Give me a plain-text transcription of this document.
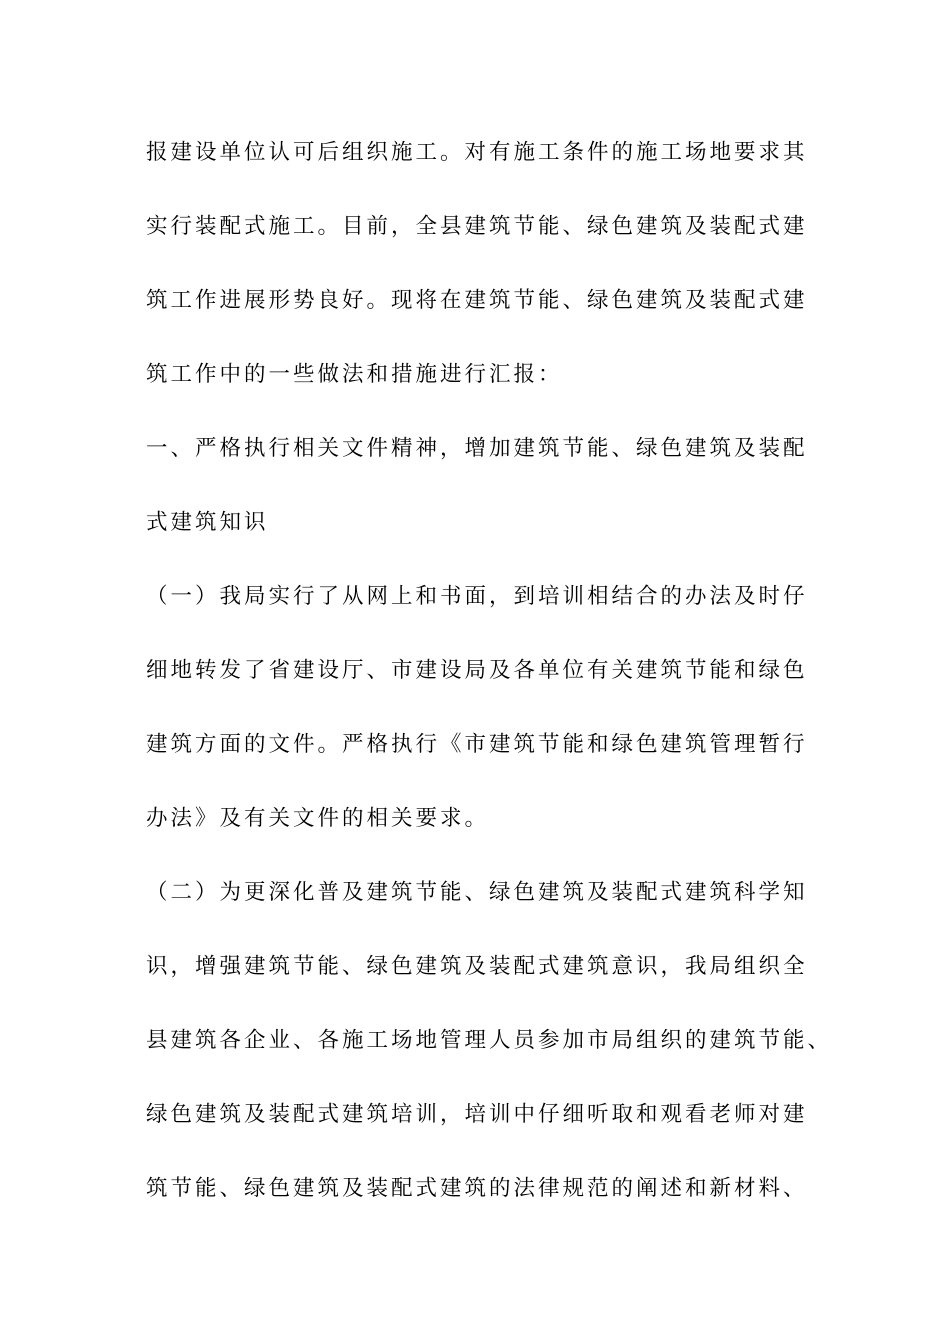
报建设单位认可后组织施工。对有施工条件的施工场地要求其

实行装配式施工。目前，全县建筑节能、绿色建筑及装配式建

筑工作进展形势良好。现将在建筑节能、绿色建筑及装配式建

筑工作中的一些做法和措施进行汇报：

一、严格执行相关文件精神，增加建筑节能、绿色建筑及装配

式建筑知识

（一）我局实行了从网上和书面，到培训相结合的办法及时仔

细地转发了省建设厅、市建设局及各单位有关建筑节能和绿色

建筑方面的文件。严格执行《市建筑节能和绿色建筑管理暂行

办法》及有关文件的相关要求。

（二）为更深化普及建筑节能、绿色建筑及装配式建筑科学知

识，增强建筑节能、绿色建筑及装配式建筑意识，我局组织全

县建筑各企业、各施工场地管理人员参加市局组织的建筑节能、

绿色建筑及装配式建筑培训，培训中仔细听取和观看老师对建

筑节能、绿色建筑及装配式建筑的法律规范的阐述和新材料、
